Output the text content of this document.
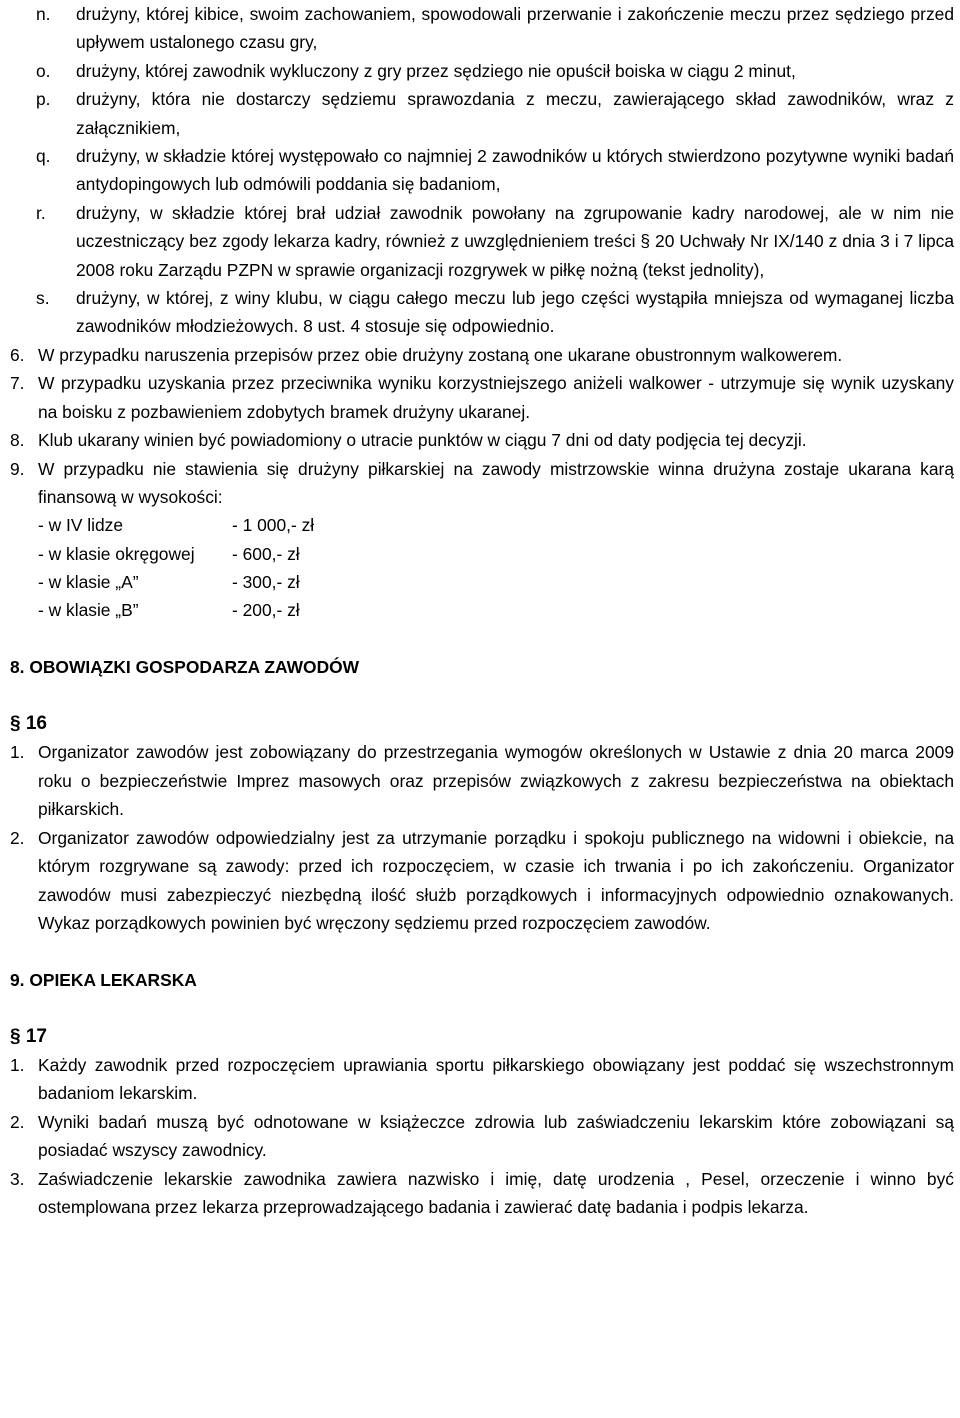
n. drużyny, której kibice, swoim zachowaniem, spowodowali przerwanie i zakończenie meczu przez sędziego przed upływem ustalonego czasu gry,
o. drużyny, której zawodnik wykluczony z gry przez sędziego nie opuścił boiska w ciągu 2 minut,
p. drużyny, która nie dostarczy sędziemu sprawozdania z meczu, zawierającego skład zawodników, wraz z załącznikiem,
q. drużyny, w składzie której występowało co najmniej 2 zawodników u których stwierdzono pozytywne wyniki badań antydopingowych lub odmówili poddania się badaniom,
r. drużyny, w składzie której brał udział zawodnik powołany na zgrupowanie kadry narodowej, ale w nim nie uczestniczący bez zgody lekarza kadry, również z uwzględnieniem treści § 20 Uchwały Nr IX/140 z dnia 3 i 7 lipca 2008 roku Zarządu PZPN w sprawie organizacji rozgrywek w piłkę nożną (tekst jednolity),
s. drużyny, w której, z winy klubu, w ciągu całego meczu lub jego części wystąpiła mniejsza od wymaganej liczba zawodników młodzieżowych. 8 ust. 4 stosuje się odpowiednio.
6. W przypadku naruszenia przepisów przez obie drużyny zostaną one ukarane obustronnym walkowerem.
7. W przypadku uzyskania przez przeciwnika wyniku korzystniejszego aniżeli walkower - utrzymuje się wynik uzyskany na boisku z pozbawieniem zdobytych bramek drużyny ukaranej.
8. Klub ukarany winien być powiadomiony o utracie punktów w ciągu 7 dni od daty podjęcia tej decyzji.
9. W przypadku nie stawienia się drużyny piłkarskiej na zawody mistrzowskie winna drużyna zostaje ukarana karą finansową w wysokości:
- w IV lidze	- 1 000,- zł
- w klasie okręgowej - 600,- zł
- w klasie „A”	- 300,- zł
- w klasie „B”	- 200,- zł
8. OBOWIĄZKI GOSPODARZA ZAWODÓW
§ 16
1. Organizator zawodów jest zobowiązany do przestrzegania wymogów określonych w Ustawie z dnia 20 marca 2009 roku o bezpieczeństwie Imprez masowych oraz przepisów związkowych z zakresu bezpieczeństwa na obiektach piłkarskich.
2. Organizator zawodów odpowiedzialny jest za utrzymanie porządku i spokoju publicznego na widowni i obiekcie, na którym rozgrywane są zawody: przed ich rozpoczęciem, w czasie ich trwania i po ich zakończeniu. Organizator zawodów musi zabezpieczyć niezbędną ilość służb porządkowych i informacyjnych odpowiednio oznakowanych. Wykaz porządkowych powinien być wręczony sędziemu przed rozpoczęciem zawodów.
9. OPIEKA LEKARSKA
§ 17
1. Każdy zawodnik przed rozpoczęciem uprawiania sportu piłkarskiego obowiązany jest poddać się wszechstronnym badaniom lekarskim.
2. Wyniki badań muszą być odnotowane w książeczce zdrowia lub zaświadczeniu lekarskim które zobowiązani są posiadać wszyscy zawodnicy.
3. Zaświadczenie lekarskie zawodnika zawiera nazwisko i imię, datę urodzenia , Pesel, orzeczenie i winno być ostemplowana przez lekarza przeprowadzającego badania i zawierać datę badania i podpis lekarza.
